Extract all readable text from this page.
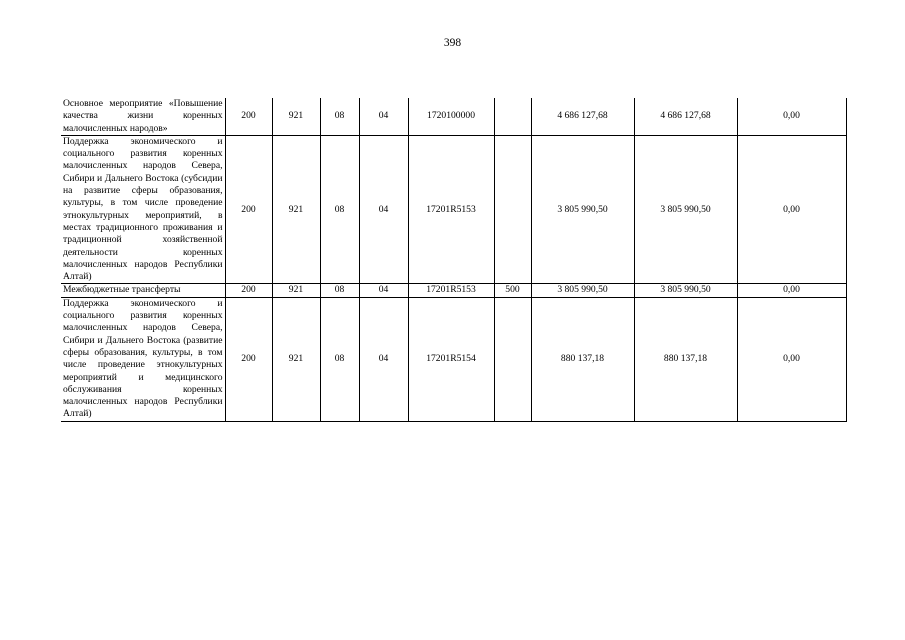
398
Основное мероприятие «Повышение качества жизни коренных малочисленных народов»	200	921	08	04	1720100000		4 686 127,68	4 686 127,68	0,00
Поддержка экономического и социального развития коренных малочисленных народов Севера, Сибири и Дальнего Востока (субсидии на развитие сферы образования, культуры, в том числе проведение этнокультурных мероприятий, в местах традиционного проживания и традиционной хозяйственной деятельности коренных малочисленных народов Республики Алтай)	200	921	08	04	17201R5153		3 805 990,50	3 805 990,50	0,00
Межбюджетные трансферты	200	921	08	04	17201R5153	500	3 805 990,50	3 805 990,50	0,00
Поддержка экономического и социального развития коренных малочисленных народов Севера, Сибири и Дальнего Востока (развитие сферы образования, культуры, в том числе проведение этнокультурных мероприятий и медицинского обслуживания коренных малочисленных народов Республики Алтай)	200	921	08	04	17201R5154		880 137,18	880 137,18	0,00
